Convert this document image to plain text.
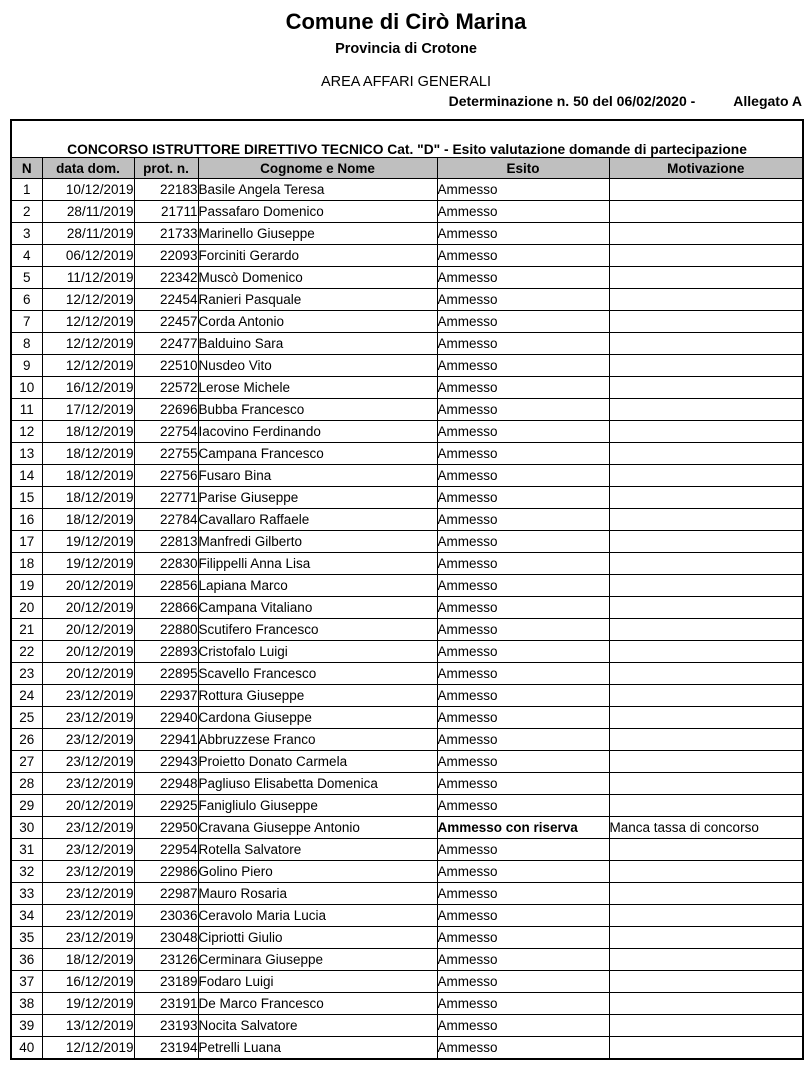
Comune di Cirò Marina
Provincia di Crotone
AREA AFFARI GENERALI
Determinazione n. 50 del 06/02/2020 -	Allegato A
CONCORSO ISTRUTTORE DIRETTIVO TECNICO Cat. "D" - Esito valutazione domande di partecipazione					
N	data dom.	prot. n.	Cognome e Nome	Esito	Motivazione
1	10/12/2019	22183	Basile Angela Teresa	Ammesso	
2	28/11/2019	21711	Passafaro Domenico	Ammesso	
3	28/11/2019	21733	Marinello Giuseppe	Ammesso	
4	06/12/2019	22093	Forciniti Gerardo	Ammesso	
5	11/12/2019	22342	Muscò Domenico	Ammesso	
6	12/12/2019	22454	Ranieri Pasquale	Ammesso	
7	12/12/2019	22457	Corda Antonio	Ammesso	
8	12/12/2019	22477	Balduino Sara	Ammesso	
9	12/12/2019	22510	Nusdeo Vito	Ammesso	
10	16/12/2019	22572	Lerose Michele	Ammesso	
11	17/12/2019	22696	Bubba Francesco	Ammesso	
12	18/12/2019	22754	Iacovino Ferdinando	Ammesso	
13	18/12/2019	22755	Campana Francesco	Ammesso	
14	18/12/2019	22756	Fusaro Bina	Ammesso	
15	18/12/2019	22771	Parise Giuseppe	Ammesso	
16	18/12/2019	22784	Cavallaro Raffaele	Ammesso	
17	19/12/2019	22813	Manfredi Gilberto	Ammesso	
18	19/12/2019	22830	Filippelli Anna Lisa	Ammesso	
19	20/12/2019	22856	Lapiana Marco	Ammesso	
20	20/12/2019	22866	Campana Vitaliano	Ammesso	
21	20/12/2019	22880	Scutifero Francesco	Ammesso	
22	20/12/2019	22893	Cristofalo Luigi	Ammesso	
23	20/12/2019	22895	Scavello Francesco	Ammesso	
24	23/12/2019	22937	Rottura Giuseppe	Ammesso	
25	23/12/2019	22940	Cardona Giuseppe	Ammesso	
26	23/12/2019	22941	Abbruzzese Franco	Ammesso	
27	23/12/2019	22943	Proietto Donato Carmela	Ammesso	
28	23/12/2019	22948	Pagliuso Elisabetta Domenica	Ammesso	
29	20/12/2019	22925	Fanigliulo Giuseppe	Ammesso	
30	23/12/2019	22950	Cravana Giuseppe Antonio	Ammesso con riserva	Manca tassa di concorso
31	23/12/2019	22954	Rotella Salvatore	Ammesso	
32	23/12/2019	22986	Golino Piero	Ammesso	
33	23/12/2019	22987	Mauro Rosaria	Ammesso	
34	23/12/2019	23036	Ceravolo Maria Lucia	Ammesso	
35	23/12/2019	23048	Cipriotti Giulio	Ammesso	
36	18/12/2019	23126	Cerminara Giuseppe	Ammesso	
37	16/12/2019	23189	Fodaro Luigi	Ammesso	
38	19/12/2019	23191	De Marco Francesco	Ammesso	
39	13/12/2019	23193	Nocita Salvatore	Ammesso	
40	12/12/2019	23194	Petrelli Luana	Ammesso	
